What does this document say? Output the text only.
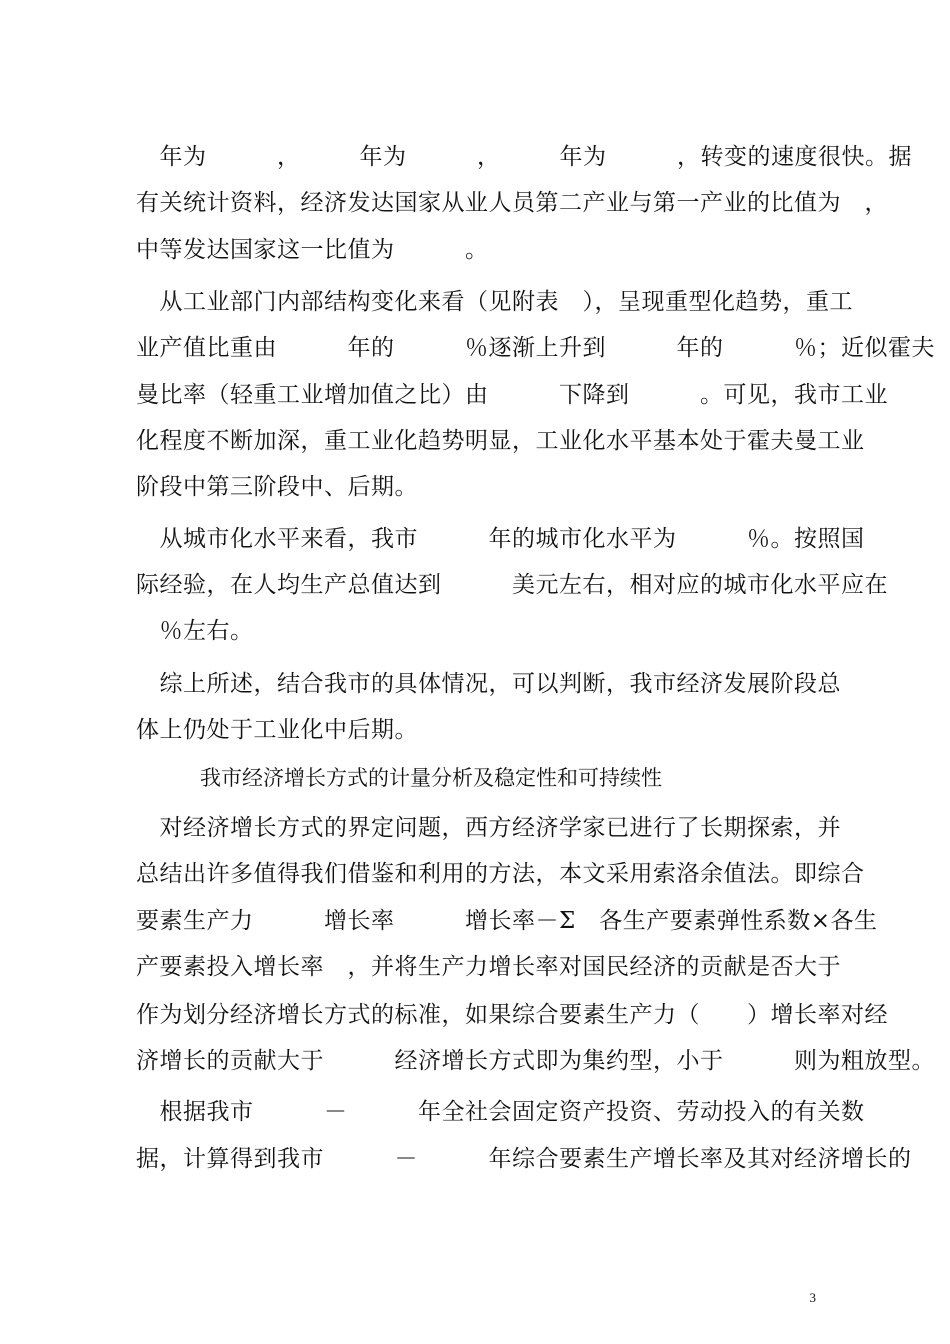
　年为　　　，　　　年为　　　，　　　年为　　　，转变的速度很快。据
有关统计资料，经济发达国家从业人员第二产业与第一产业的比值为　，
中等发达国家这一比值为　　　。
　从工业部门内部结构变化来看（见附表　），呈现重型化趋势，重工
业产值比重由　　　年的　　　％逐渐上升到　　　年的　　　％；近似霍夫
曼比率（轻重工业增加值之比）由　　　下降到　　　。可见，我市工业
化程度不断加深，重工业化趋势明显，工业化水平基本处于霍夫曼工业
阶段中第三阶段中、后期。
　从城市化水平来看，我市　　　年的城市化水平为　　　％。按照国
际经验，在人均生产总值达到　　　美元左右，相对应的城市化水平应在
　％左右。
　综上所述，结合我市的具体情况，可以判断，我市经济发展阶段总
体上仍处于工业化中后期。
我市经济增长方式的计量分析及稳定性和可持续性
　对经济增长方式的界定问题，西方经济学家已进行了长期探索，并
总结出许多值得我们借鉴和利用的方法，本文采用索洛余值法。即综合
要素生产力　　　增长率　　　增长率－Σ　各生产要素弹性系数×各生
产要素投入增长率　，并将生产力增长率对国民经济的贡献是否大于
作为划分经济增长方式的标准，如果综合要素生产力（　　）增长率对经
济增长的贡献大于　　　经济增长方式即为集约型，小于　　　则为粗放型。
　根据我市　　　－　　　年全社会固定资产投资、劳动投入的有关数
据，计算得到我市　　　－　　　年综合要素生产增长率及其对经济增长的
3
